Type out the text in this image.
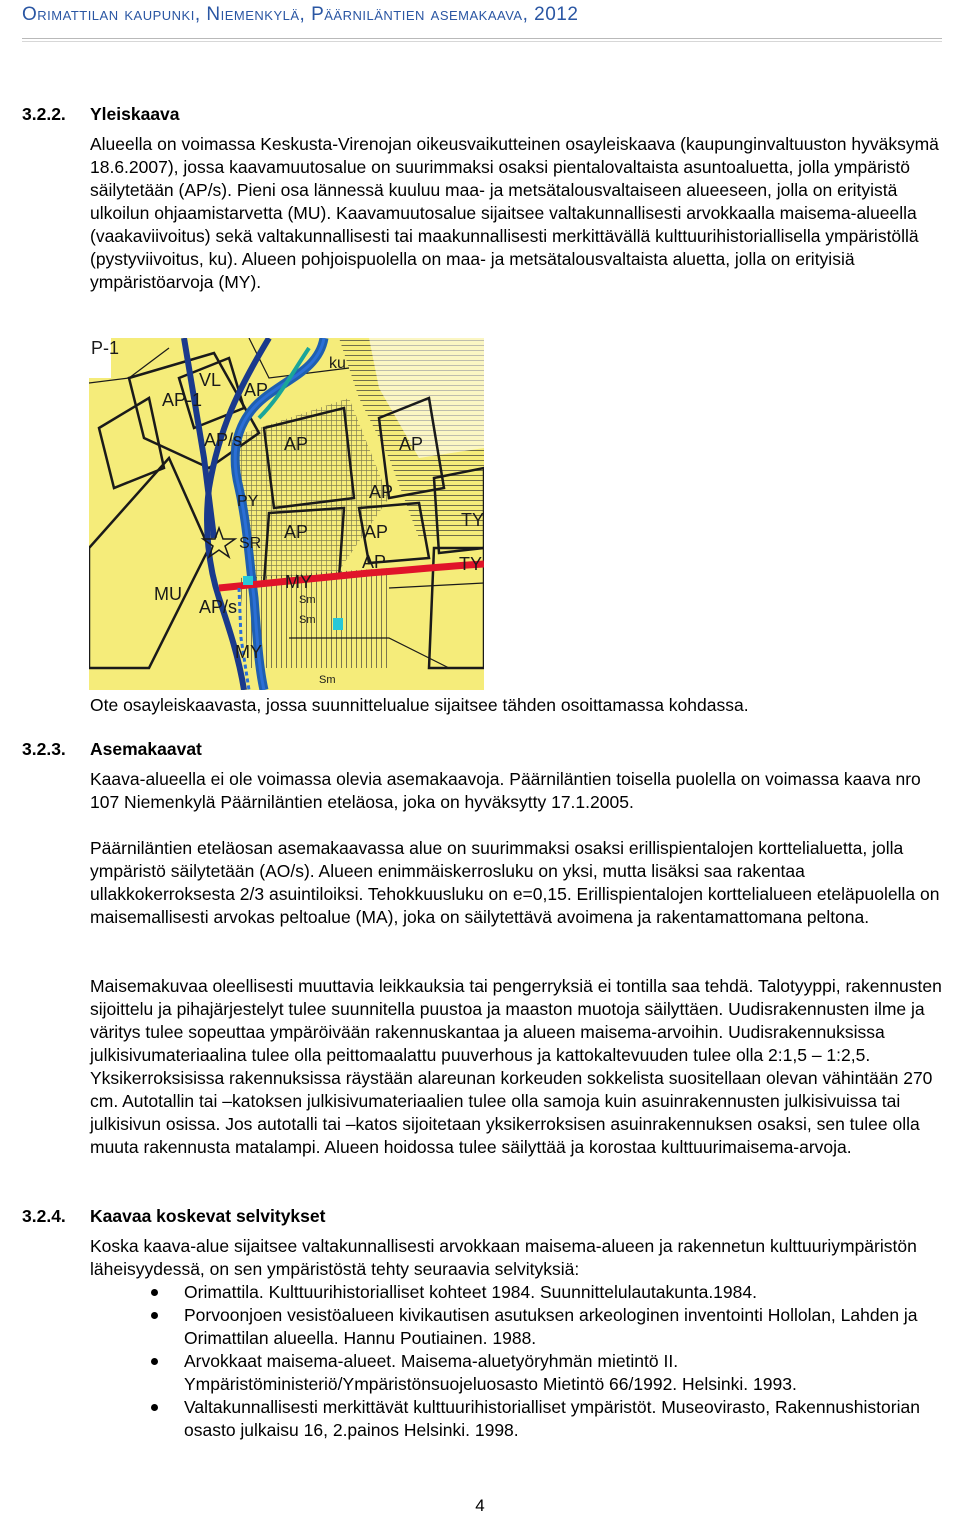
Orimattilan kaupunki, Niemenkylä, Päärniläntien asemakaava, 2012
3.2.2. Yleiskaava

Alueella on voimassa Keskusta-Virenojan oikeusvaikutteinen osayleiskaava (kaupunginvaltuuston hyväksymä 18.6.2007), jossa kaavamuutosalue on suurimmaksi osaksi pientalovaltaista asuntoaluetta, jolla ympäristö säilytetään (AP/s). Pieni osa lännessä kuuluu maa- ja metsätalousvaltaiseen alueeseen, jolla on erityistä ulkoilun ohjaamistarvetta (MU). Kaavamuutosalue sijaitsee valtakunnallisesti arvokkaalla maisema-alueella (vaakaviivoitus) sekä valtakunnallisesti tai maakunnallisesti merkittävällä kulttuurihistoriallisella ympäristöllä (pystyviivoitus, ku). Alueen pohjoispuolella on maa- ja metsätalousvaltaista aluetta, jolla on erityisiä ympäristöarvoja (MY).

P-1
VL AP
ku
AP-1
AP/s AP	AP
TY
PY	AP
AP	AP
SR
AP	TY
MU
MY
AP/s	Sm
Sm
MY
Sm
Ote osayleiskaavasta, jossa suunnittelualue sijaitsee tähden osoittamassa kohdassa.
3.2.3. Asemakaavat

Kaava-alueella ei ole voimassa olevia asemakaavoja. Päärniläntien toisella puolella on voimassa kaava nro 107 Niemenkylä Päärniläntien eteläosa, joka on hyväksytty 17.1.2005.

Päärniläntien eteläosan asemakaavassa alue on suurimmaksi osaksi erillispientalojen korttelialuetta, jolla ympäristö säilytetään (AO/s). Alueen enimmäiskerrosluku on yksi, mutta lisäksi saa rakentaa ullakkokerroksesta 2/3 asuintiloiksi. Tehokkuusluku on e=0,15. Erillispientalojen korttelialueen eteläpuolella on maisemallisesti arvokas peltoalue (MA), joka on säilytettävä avoimena ja rakentamattomana peltona.

Maisemakuvaa oleellisesti muuttavia leikkauksia tai pengerryksiä ei tontilla saa tehdä. Talotyyppi, rakennusten sijoittelu ja pihajärjestelyt tulee suunnitella puustoa ja maaston muotoja säilyttäen. Uudisrakennusten ilme ja väritys tulee sopeuttaa ympäröivään rakennuskantaa ja alueen maisema-arvoihin. Uudisrakennuksissa julkisivumateriaalina tulee olla peittomaalattu puuverhous ja kattokaltevuuden tulee olla 2:1,5 – 1:2,5. Yksikerroksisissa rakennuksissa räystään alareunan korkeuden sokkelista suositellaan olevan vähintään 270 cm. Autotallin tai –katoksen julkisivumateriaalien tulee olla samoja kuin asuinrakennusten julkisivuissa tai julkisivun osissa. Jos autotalli tai –katos sijoitetaan yksikerroksisen asuinrakennuksen osaksi, sen tulee olla muuta rakennusta matalampi. Alueen hoidossa tulee säilyttää ja korostaa kulttuurimaisema-arvoja.

3.2.4. Kaavaa koskevat selvitykset

Koska kaava-alue sijaitsee valtakunnallisesti arvokkaan maisema-alueen ja rakennetun kulttuuriympäristön läheisyydessä, on sen ympäristöstä tehty seuraavia selvityksiä:

Orimattila. Kulttuurihistorialliset kohteet 1984. Suunnittelulautakunta.1984.
Porvoonjoen vesistöalueen kivikautisen asutuksen arkeologinen inventointi Hollolan, Lahden ja Orimattilan alueella. Hannu Poutiainen. 1988.
Arvokkaat maisema-alueet. Maisema-aluetyöryhmän mietintö II. Ympäristöministeriö/Ympäristönsuojeluosasto Mietintö 66/1992. Helsinki. 1993.
Valtakunnallisesti merkittävät kulttuurihistorialliset ympäristöt. Museovirasto, Rakennushistorian osasto julkaisu 16, 2.painos Helsinki. 1998.
4
